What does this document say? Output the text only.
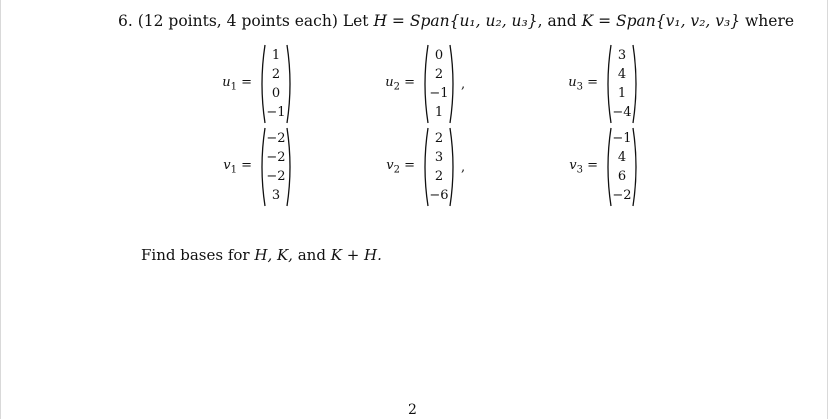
6. (12 points, 4 points each) Let H = Span{u₁, u₂, u₃}, and K = Span{v₁, v₂, v₃} where
$u_1$ =
1
2
0
−1
$u_2$ =
0
2
−1
1
,	$u_3$ =
3
4
1
−4
$v_1$ =
−2
−2
−2
3
$v_2$ =
2
3
2
−6
,	$v_3$ =
−1
4
6
−2
Find bases for H, K, and K + H.
2
